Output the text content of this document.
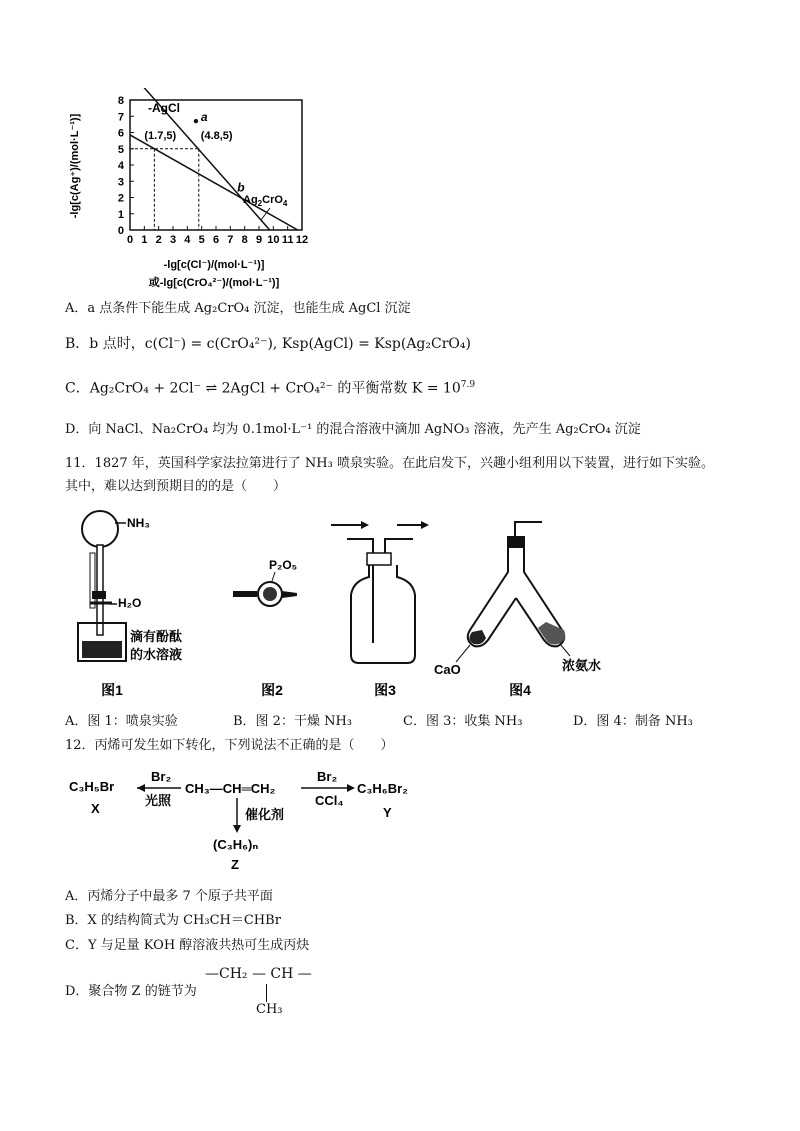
0 1 2 3 4 5 6 7 8 9 10 11 12
0
1
2
3
4
5
6
7
8
(1.7,5) (4.8,5)
a
b
-AgCl
$Ag_2CrO_4$
-lg[c(Ag⁺)/(mol·L⁻¹)]
-lg[c(Cl⁻)/(mol·L⁻¹)]
或-lg[c(CrO₄²⁻)/(mol·L⁻¹)]
A．a 点条件下能生成 Ag₂CrO₄ 沉淀，也能生成 AgCl 沉淀
B．b 点时，c(Cl⁻) = c(CrO₄²⁻), Ksp(AgCl) = Ksp(Ag₂CrO₄)
C．Ag₂CrO₄ + 2Cl⁻ ⇌ 2AgCl + CrO₄²⁻ 的平衡常数 $K = 10^{7.9}$
D．向 NaCl、Na₂CrO₄ 均为 0.1mol·L⁻¹ 的混合溶液中滴加 AgNO₃ 溶液，先产生 Ag₂CrO₄ 沉淀
11．1827 年，英国科学家法拉第进行了 NH₃ 喷泉实验。在此启发下，兴趣小组利用以下装置，进行如下实验。
其中，难以达到预期目的的是（　　）
NH₃
H₂O
滴有酚酞
的水溶液
图1
P₂O₅
图2	图3
CaO	浓氨水
图4
A．图 1：喷泉实验	B．图 2：干燥 NH₃	C．图 3：收集 NH₃	D．图 4：制备 NH₃
12．丙烯可发生如下转化，下列说法不正确的是（　　）
C₃H₅Br
X
Br₂
光照
CH₃—CH═CH₂
Br₂
CCl₄
C₃H₆Br₂
Y
催化剂
(C₃H₆)ₙ
Z
A．丙烯分子中最多 7 个原子共平面
B．X 的结构简式为 CH₃CH＝CHBr
C．Y 与足量 KOH 醇溶液共热可生成丙炔
D．聚合物 Z 的链节为
—CH₂ — CH —
CH₃
